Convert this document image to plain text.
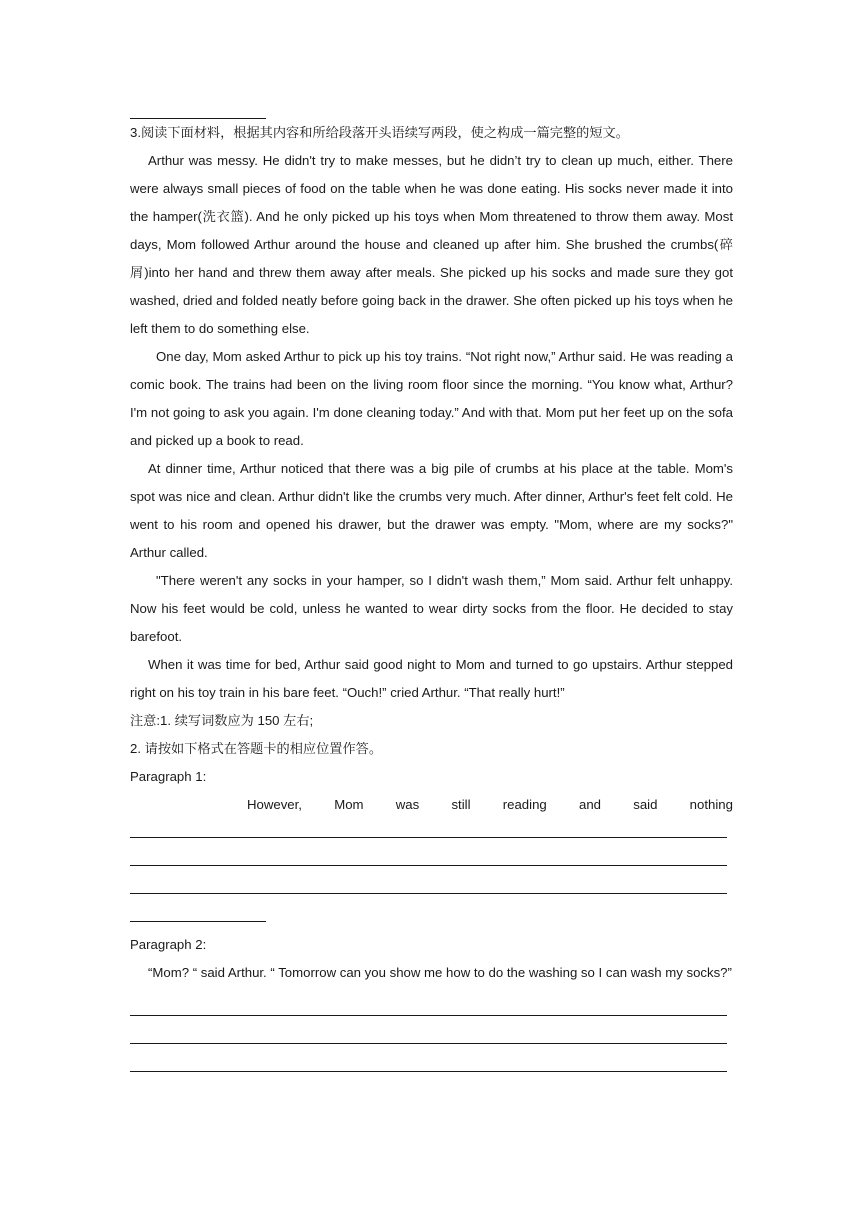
3.阅读下面材料，根据其内容和所给段落开头语续写两段，使之构成一篇完整的短文。

Arthur was messy. He didn't try to make messes, but he didn’t try to clean up much, either. There were always small pieces of food on the table when he was done eating. His socks never made it into the hamper(洗衣篮). And he only picked up his toys when Mom threatened to throw them away. Most days, Mom followed Arthur around the house and cleaned up after him. She brushed the crumbs(碎屑)into her hand and threw them away after meals. She picked up his socks and made sure they got washed, dried and folded neatly before going back in the drawer. She often picked up his toys when he left them to do something else.

One day, Mom asked Arthur to pick up his toy trains. “Not right now,” Arthur said. He was reading a comic book. The trains had been on the living room floor since the morning. “You know what, Arthur? I'm not going to ask you again. I'm done cleaning today.” And with that. Mom put her feet up on the sofa and picked up a book to read.

At dinner time, Arthur noticed that there was a big pile of crumbs at his place at the table. Mom's spot was nice and clean. Arthur didn't like the crumbs very much. After dinner, Arthur's feet felt cold. He went to his room and opened his drawer, but the drawer was empty. "Mom, where are my socks?" Arthur called.

"There weren't any socks in your hamper, so I didn't wash them,” Mom said. Arthur felt unhappy. Now his feet would be cold, unless he wanted to wear dirty socks from the floor. He decided to stay barefoot.

When it was time for bed, Arthur said good night to Mom and turned to go upstairs. Arthur stepped right on his toy train in his bare feet. “Ouch!” cried Arthur. “That really hurt!”

注意:1. 续写词数应为 150 左右;
2. 请按如下格式在答题卡的相应位置作答。
Paragraph 1:
However, Mom was still reading and said nothing
Paragraph 2:

“Mom? “ said Arthur. “ Tomorrow can you show me how to do the washing so I can wash my socks?”
